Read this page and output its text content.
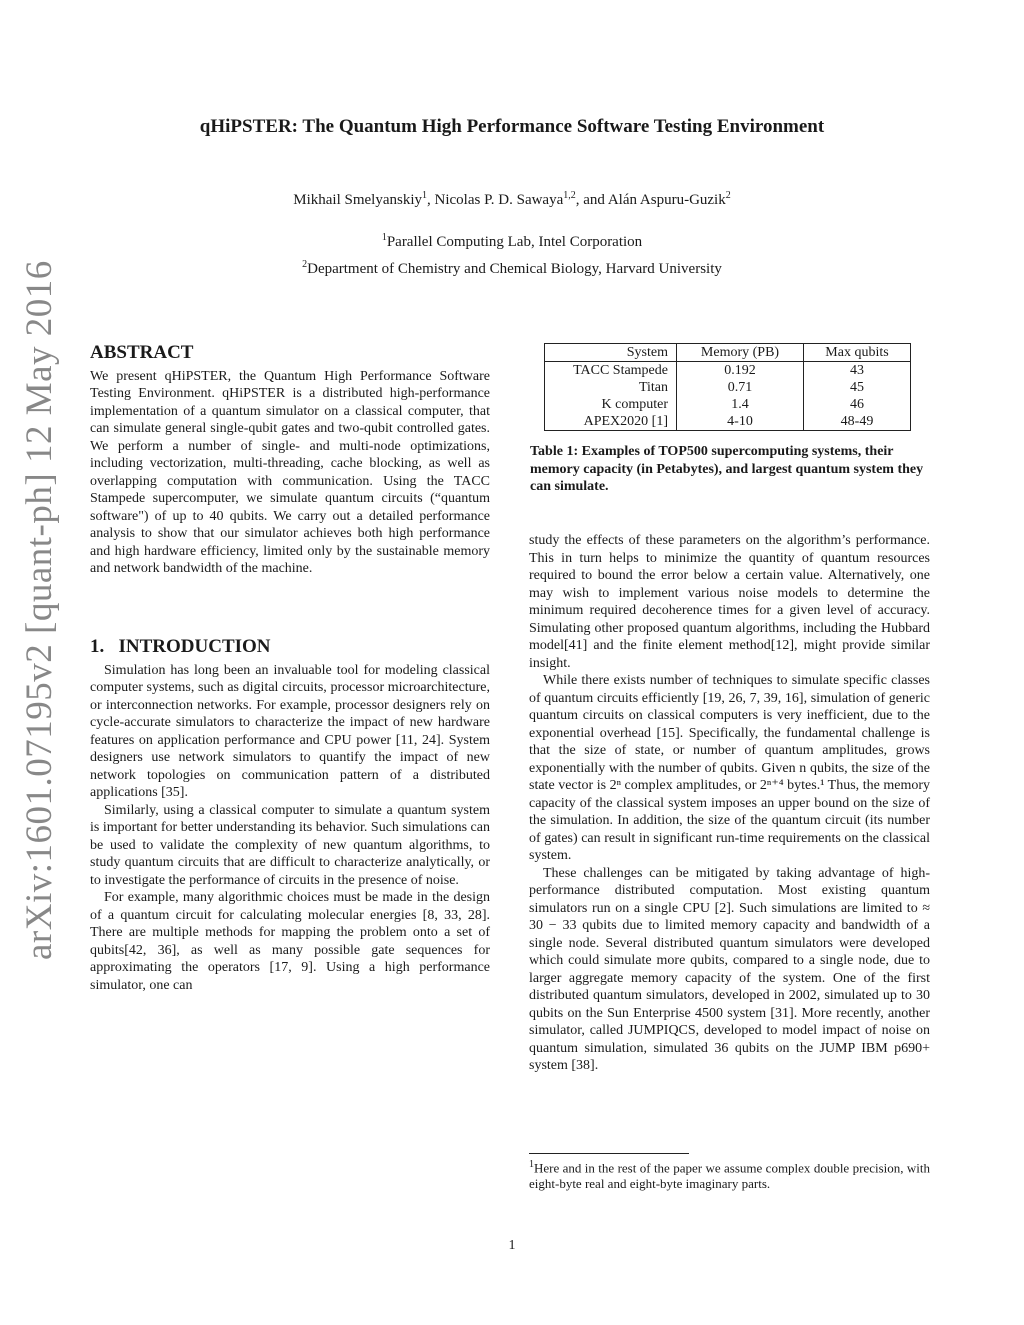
qHiPSTER: The Quantum High Performance Software Testing Environment
Mikhail Smelyanskiy$^1$, Nicolas P. D. Sawaya$^{1,2}$, and Alán Aspuru-Guzik$^2$
$^1$Parallel Computing Lab, Intel Corporation
$^2$Department of Chemistry and Chemical Biology, Harvard University
arXiv:1601.07195v2 [quant-ph] 12 May 2016 ABSTRACT

We present qHiPSTER, the Quantum High Performance Software Testing Environment. qHiPSTER is a distributed high-performance implementation of a quantum simulator on a classical computer, that can simulate general single-qubit gates and two-qubit controlled gates. We perform a number of single- and multi-node optimizations, including vectorization, multi-threading, cache blocking, as well as overlapping computation with communication. Using the TACC Stampede supercomputer, we simulate quantum circuits (“quantum software") of up to 40 qubits. We carry out a detailed performance analysis to show that our simulator achieves both high performance and high hardware efficiency, limited only by the sustainable memory and network bandwidth of the machine.

1.   INTRODUCTION

Simulation has long been an invaluable tool for modeling classical computer systems, such as digital circuits, processor microarchitecture, or interconnection networks. For example, processor designers rely on cycle-accurate simulators to characterize the impact of new hardware features on application performance and CPU power [11, 24]. System designers use network simulators to quantify the impact of new network topologies on communication pattern of a distributed applications [35].

Similarly, using a classical computer to simulate a quantum system is important for better understanding its behavior. Such simulations can be used to validate the complexity of new quantum algorithms, to study quantum circuits that are difficult to characterize analytically, or to investigate the performance of circuits in the presence of noise.

For example, many algorithmic choices must be made in the design of a quantum circuit for calculating molecular energies [8, 33, 28]. There are multiple methods for mapping the problem onto a set of qubits[42, 36], as well as many possible gate sequences for approximating the operators [17, 9]. Using a high performance simulator, one can

System	Memory (PB)	Max qubits
TACC Stampede	0.192	43
Titan	0.71	45
K computer	1.4	46
APEX2020 [1]	4-10	48-49
Table 1: Examples of TOP500 supercomputing systems, their memory capacity (in Petabytes), and largest quantum system they can simulate.

study the effects of these parameters on the algorithm’s performance. This in turn helps to minimize the quantity of quantum resources required to bound the error below a certain value. Alternatively, one may wish to implement various noise models to determine the minimum required decoherence times for a given level of accuracy. Simulating other proposed quantum algorithms, including the Hubbard model[41] and the finite element method[12], might provide similar insight.

While there exists number of techniques to simulate specific classes of quantum circuits efficiently [19, 26, 7, 39, 16], simulation of generic quantum circuits on classical computers is very inefficient, due to the exponential overhead [15]. Specifically, the fundamental challenge is that the size of state, or number of quantum amplitudes, grows exponentially with the number of qubits. Given n qubits, the size of the state vector is 2ⁿ complex amplitudes, or 2ⁿ⁺⁴ bytes.¹ Thus, the memory capacity of the classical system imposes an upper bound on the size of the simulation. In addition, the size of the quantum circuit (its number of gates) can result in significant run-time requirements on the classical system.

These challenges can be mitigated by taking advantage of high-performance distributed computation. Most existing quantum simulators run on a single CPU [2]. Such simulations are limited to ≈ 30 − 33 qubits due to limited memory capacity and bandwidth of a single node. Several distributed quantum simulators were developed which could simulate more qubits, compared to a single node, due to larger aggregate memory capacity of the system. One of the first distributed quantum simulators, developed in 2002, simulated up to 30 qubits on the Sun Enterprise 4500 system [31]. More recently, another simulator, called JUMPIQCS, developed to model impact of noise on quantum simulation, simulated 36 qubits on the JUMP IBM p690+ system [38].

$^1$Here and in the rest of the paper we assume complex double precision, with eight-byte real and eight-byte imaginary parts.
1
